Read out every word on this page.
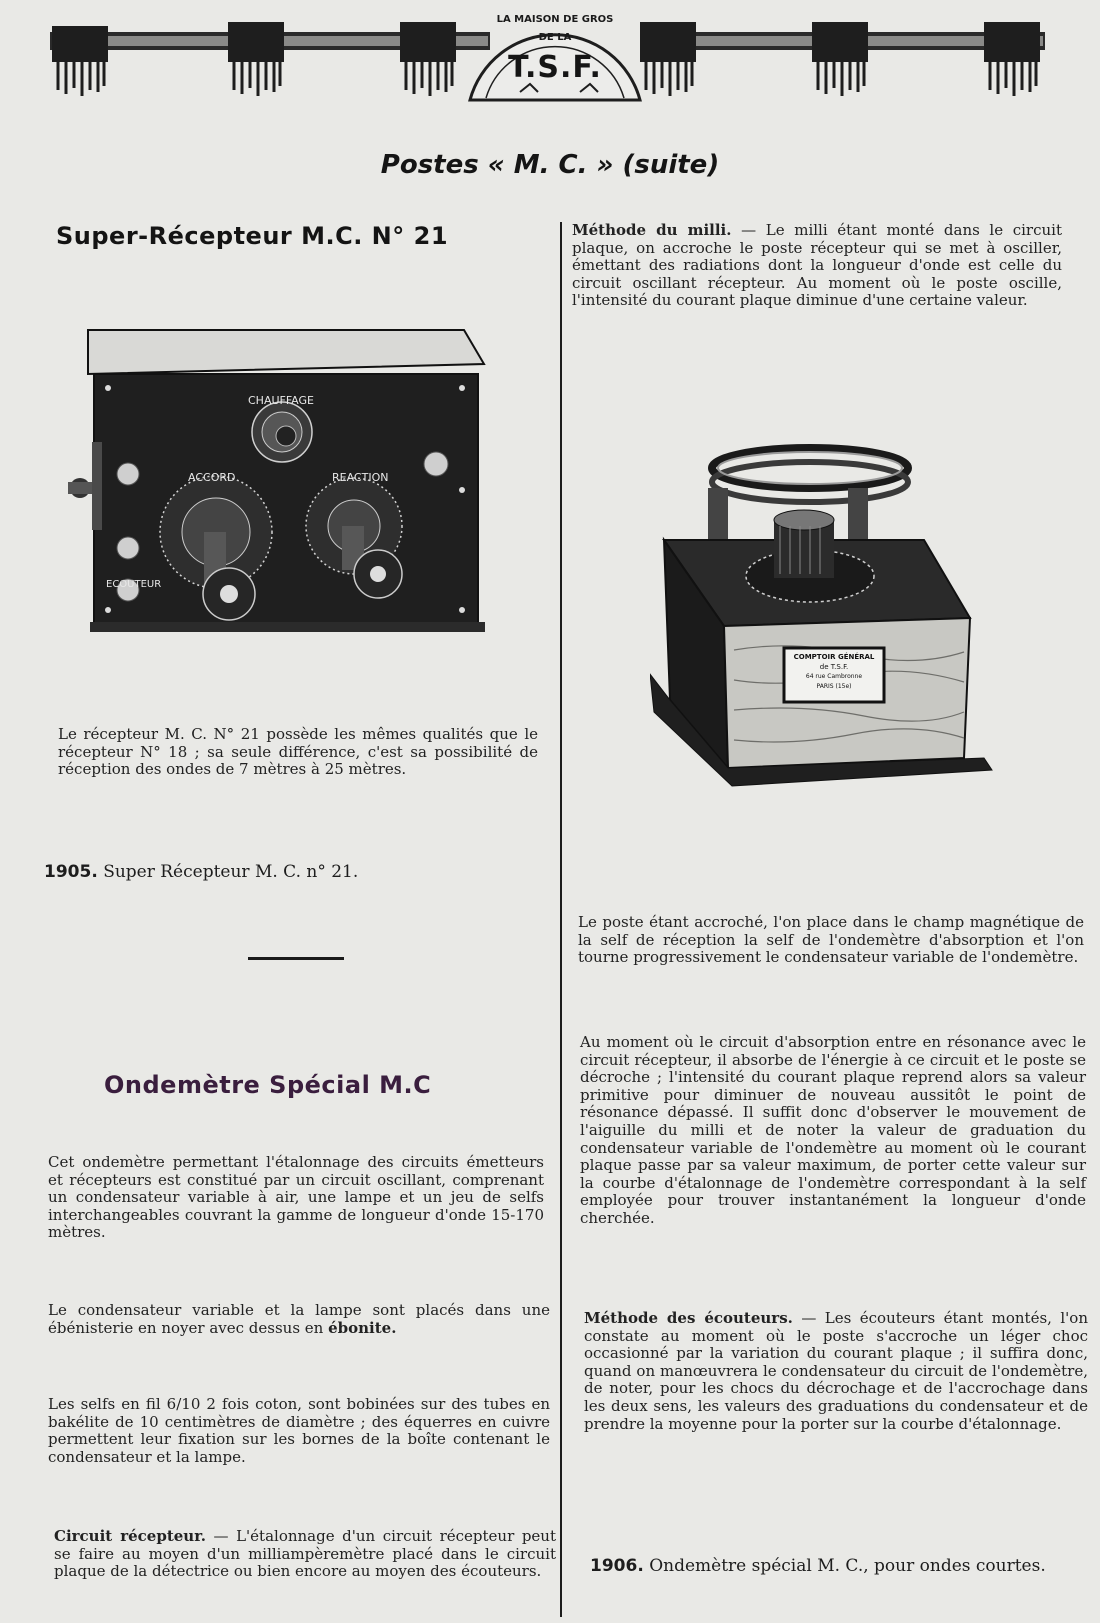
LA MAISON DE GROS
DE LA
T.S.F.
Postes « M. C. » (suite)
Super-Récepteur M.C. N° 21
CHAUFFAGE
ACCORD	REACTION
ECOUTEUR

Le récepteur M. C. N° 21 possède les mêmes qualités que le récepteur N° 18 ; sa seule différence, c'est sa possibilité de réception des ondes de 7 mètres à 25 mètres.

1905. Super Récepteur M. C. n° 21.
Ondemètre Spécial M.C

Cet ondemètre permettant l'étalonnage des circuits émetteurs et récepteurs est constitué par un circuit oscillant, comprenant un condensateur variable à air, une lampe et un jeu de selfs interchangeables couvrant la gamme de longueur d'onde 15-170 mètres.

Le condensateur variable et la lampe sont placés dans une ébénisterie en noyer avec dessus en ébonite.

Les selfs en fil 6/10 2 fois coton, sont bobinées sur des tubes en bakélite de 10 centimètres de diamètre ; des équerres en cuivre permettent leur fixation sur les bornes de la boîte contenant le condensateur et la lampe.

Circuit récepteur. — L'étalonnage d'un circuit récepteur peut se faire au moyen d'un milliampèremètre placé dans le circuit plaque de la détectrice ou bien encore au moyen des écouteurs.

Méthode du milli. — Le milli étant monté dans le circuit plaque, on accroche le poste récepteur qui se met à osciller, émettant des radiations dont la longueur d'onde est celle du circuit oscillant récepteur. Au moment où le poste oscille, l'intensité du courant plaque diminue d'une certaine valeur.

COMPTOIR GÉNÉRAL
de T.S.F.
64 rue Cambronne
PARIS (15e)

Le poste étant accroché, l'on place dans le champ magnétique de la self de réception la self de l'ondemètre d'absorption et l'on tourne progressivement le condensateur variable de l'ondemètre.

Au moment où le circuit d'absorption entre en résonance avec le circuit récepteur, il absorbe de l'énergie à ce circuit et le poste se décroche ; l'intensité du courant plaque reprend alors sa valeur primitive pour diminuer de nouveau aussitôt le point de résonance dépassé. Il suffit donc d'observer le mouvement de l'aiguille du milli et de noter la valeur de graduation du condensateur variable de l'ondemètre au moment où le courant plaque passe par sa valeur maximum, de porter cette valeur sur la courbe d'étalonnage de l'ondemètre correspondant à la self employée pour trouver instantanément la longueur d'onde cherchée.

Méthode des écouteurs. — Les écouteurs étant montés, l'on constate au moment où le poste s'accroche un léger choc occasionné par la variation du courant plaque ; il suffira donc, quand on manœuvrera le condensateur du circuit de l'ondemètre, de noter, pour les chocs du décrochage et de l'accrochage dans les deux sens, les valeurs des graduations du condensateur et de prendre la moyenne pour la porter sur la courbe d'étalonnage.

1906. Ondemètre spécial M. C., pour ondes courtes.
